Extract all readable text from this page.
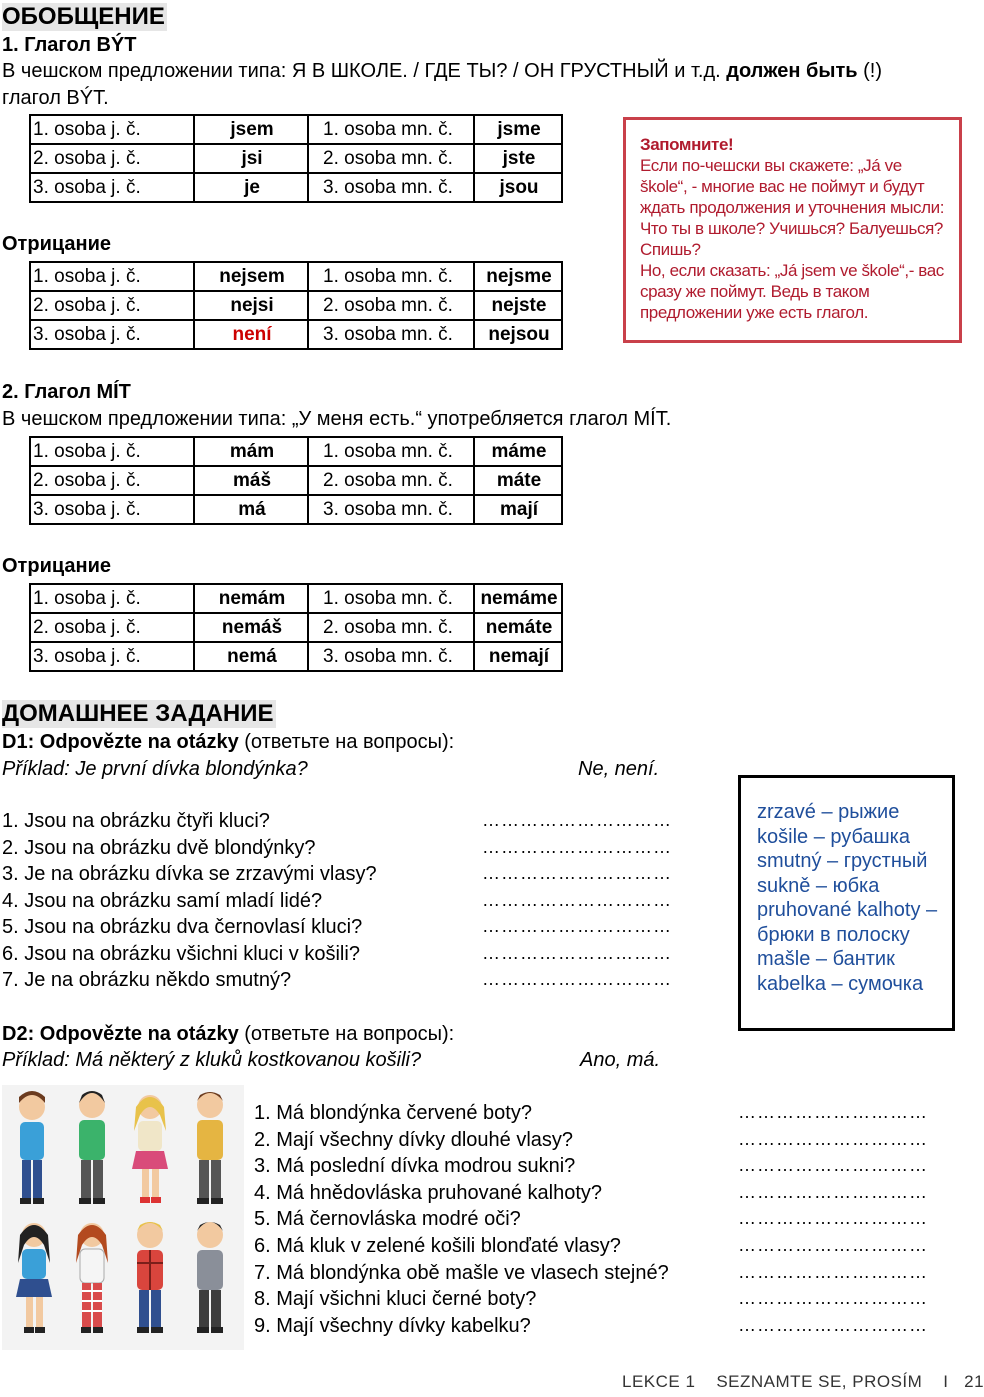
ОБОБЩЕНИЕ
1. Глагол BÝT
В чешском предложении типа: Я В ШКОЛЕ. / ГДЕ ТЫ? / ОН ГРУСТНЫЙ и т.д. должен быть (!)
глагол BÝT.
1. osoba j. č.	jsem	1. osoba mn. č.	jsme
2. osoba j. č.	jsi	2. osoba mn. č.	jste
3. osoba j. č.	je	3. osoba mn. č.	jsou
Отрицание
1. osoba j. č.	nejsem	1. osoba mn. č.	nejsme
2. osoba j. č.	nejsi	2. osoba mn. č.	nejste
3. osoba j. č.	není	3. osoba mn. č.	nejsou
Запомните!
Если по-чешски вы скажете: „Já ve škole“, - многие вас не поймут и будут ждать продолжения и уточнения мысли: Что ты в школе? Учишься? Балуешься? Спишь?
Но, если сказать: „Já jsem ve škole“,- вас сразу же поймут. Ведь в таком предложении уже есть глагол.
2. Глагол MÍT
В чешском предложении типа: „У меня есть.“ употребляется глагол MÍT.
1. osoba j. č.	mám	1. osoba mn. č.	máme
2. osoba j. č.	máš	2. osoba mn. č.	máte
3. osoba j. č.	má	3. osoba mn. č.	mají
Отрицание
1. osoba j. č.	nemám	1. osoba mn. č.	nemáme
2. osoba j. č.	nemáš	2. osoba mn. č.	nemáte
3. osoba j. č.	nemá	3. osoba mn. č.	nemají
ДОМАШНЕЕ ЗАДАНИЕ
D1: Odpovězte na otázky (ответьте на вопросы):
Příklad: Je první dívka blondýnka?	Ne, není.
1. Jsou na obrázku čtyři kluci?
2. Jsou na obrázku dvě blondýnky?
3. Je na obrázku dívka se zrzavými vlasy?
4. Jsou na obrázku samí mladí lidé?
5. Jsou na obrázku dva černovlasí kluci?
6. Jsou na obrázku všichni kluci v košili?
7. Je na obrázku někdo smutný?
…………………………
…………………………
…………………………
…………………………
…………………………
…………………………
…………………………
zrzavé – рыжие
košile – рубашка
smutný – грустный
sukně – юбка
pruhované kalhoty –
брюки в полоску
mašle – бантик
kabelka – сумочка
D2: Odpovězte na otázky (ответьте на вопросы):
Příklad: Má některý z kluků kostkovanou košili?	Ano, má.
1. Má blondýnka červené boty?
2. Mají všechny dívky dlouhé vlasy?
3. Má poslední dívka modrou sukni?
4. Má hnědovláska pruhované kalhoty?
5. Má černovláska modré oči?
6. Má kluk v zelené košili blonďaté vlasy?
7. Má blondýnka obě mašle ve vlasech stejné?
8. Mají všichni kluci černé boty?
9. Mají všechny dívky kabelku?
…………………………
…………………………
…………………………
…………………………
…………………………
…………………………
…………………………
…………………………
…………………………
LEKCE 1 SEZNAMTE SE, PROSÍM I 21
